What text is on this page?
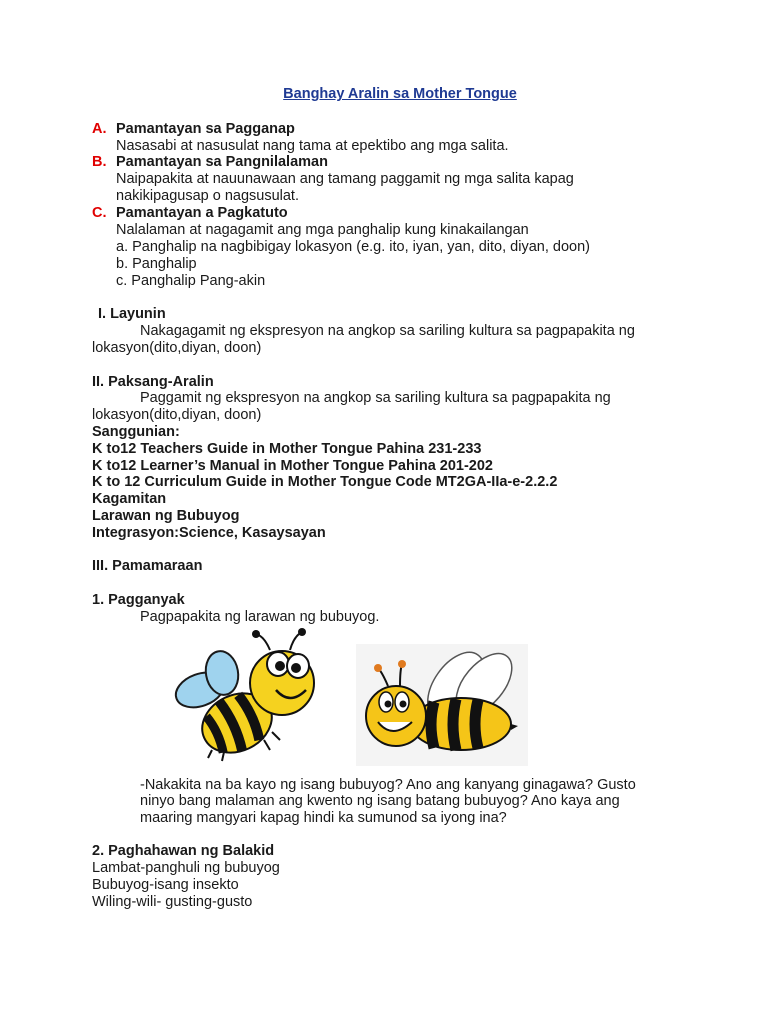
Banghay Aralin sa Mother Tongue
A. Pamantayan sa Pagganap
Nasasabi at nasusulat nang tama at epektibo ang mga salita.
B. Pamantayan sa Pangnilalaman
Naipapakita at nauunawaan ang tamang paggamit ng mga salita kapag
nakikipagusap o nagsusulat.
C. Pamantayan a Pagkatuto
Nalalaman at nagagamit ang mga panghalip kung kinakailangan
a. Panghalip na nagbibigay lokasyon (e.g. ito, iyan, yan, dito, diyan, doon)
b. Panghalip
c. Panghalip Pang-akin
I. Layunin
Nakagagamit ng ekspresyon na angkop sa sariling kultura sa pagpapakita ng
lokasyon(dito,diyan, doon)
II. Paksang-Aralin
Paggamit ng ekspresyon na angkop sa sariling kultura sa pagpapakita ng
lokasyon(dito,diyan, doon)
Sanggunian:
K to12 Teachers Guide in Mother Tongue Pahina 231-233
K to12 Learner’s Manual in Mother Tongue Pahina 201-202
K to 12 Curriculum Guide in Mother Tongue Code MT2GA-IIa-e-2.2.2
Kagamitan
Larawan ng Bubuyog
Integrasyon:Science, Kasaysayan
III. Pamamaraan
1. Pagganyak
Pagpapakita ng larawan ng bubuyog.
-Nakakita na ba kayo ng isang bubuyog? Ano ang kanyang ginagawa? Gusto
ninyo bang malaman ang kwento ng isang batang bubuyog? Ano kaya ang
maaring mangyari kapag hindi ka sumunod sa iyong ina?
2. Paghahawan ng Balakid
Lambat-panghuli ng bubuyog
Bubuyog-isang insekto
Wiling-wili- gusting-gusto
